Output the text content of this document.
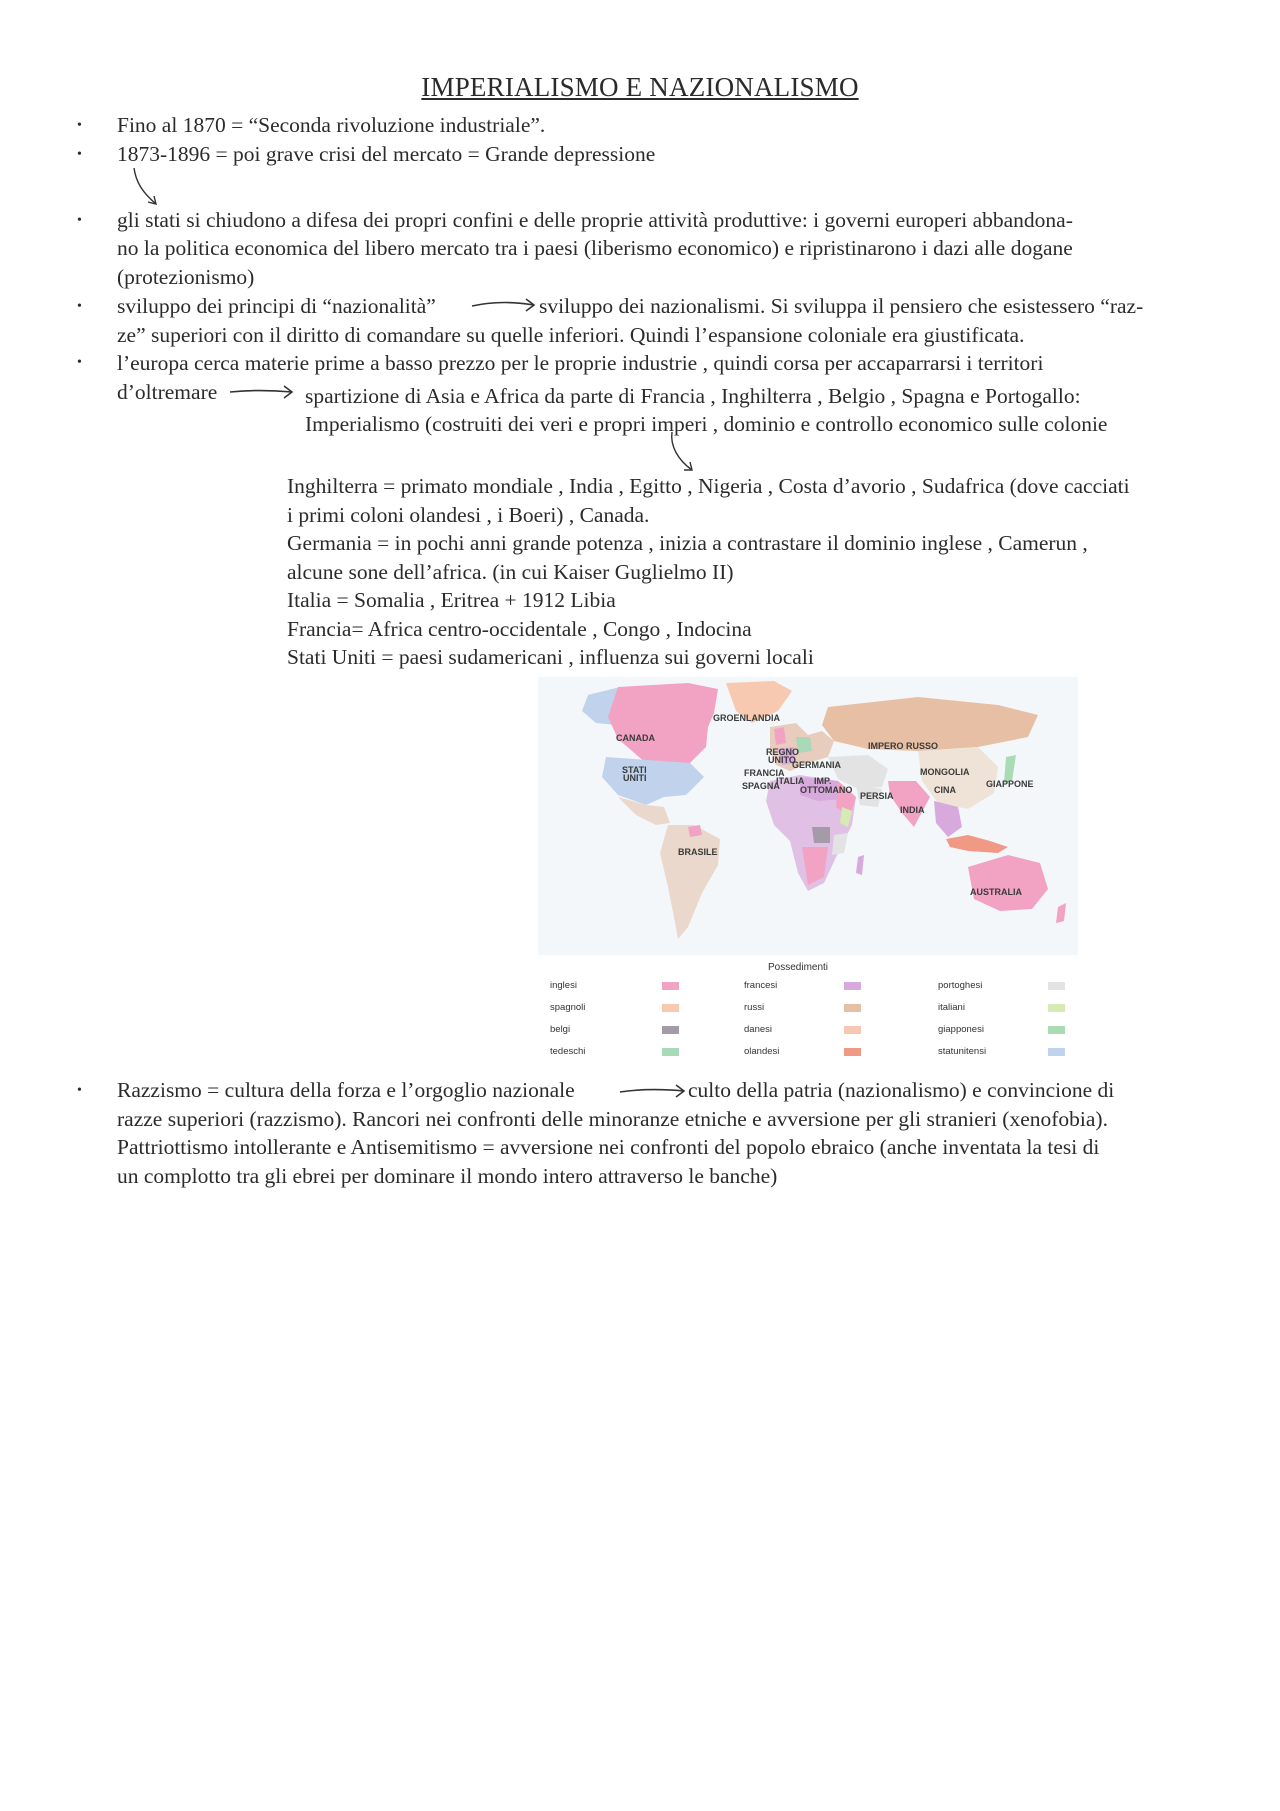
IMPERIALISMO E NAZIONALISMO
•
•
•
•
•
•
Fino al 1870 = “Seconda rivoluzione industriale”.
1873-1896 = poi grave crisi del mercato = Grande depressione
gli stati si chiudono a difesa dei propri confini e delle proprie attività produttive: i governi europeri abbandona-
no la politica economica del libero mercato tra i paesi (liberismo economico) e ripristinarono i dazi alle dogane
(protezionismo)
sviluppo dei principi di “nazionalità”	sviluppo dei nazionalismi. Si sviluppa il pensiero che esistessero “raz-
ze” superiori con il diritto di comandare su quelle inferiori. Quindi l’espansione coloniale era giustificata.
l’europa cerca materie prime a basso prezzo per le proprie industrie , quindi corsa per accaparrarsi i territori
d’oltremare	spartizione di Asia e Africa da parte di Francia , Inghilterra , Belgio , Spagna e Portogallo:
Imperialismo (costruiti dei veri e propri imperi , dominio e controllo economico sulle colonie
Inghilterra = primato mondiale , India , Egitto , Nigeria , Costa d’avorio , Sudafrica (dove cacciati
i primi coloni olandesi , i Boeri) , Canada.
Germania = in pochi anni grande potenza , inizia a contrastare il dominio inglese , Camerun ,
alcune sone dell’africa. (in cui Kaiser Guglielmo II)
Italia = Somalia , Eritrea + 1912 Libia
Francia= Africa centro-occidentale , Congo , Indocina
Stati Uniti = paesi sudamericani , influenza sui governi locali
GROENLANDIA
CANADA
REGNO
UNITO
GERMANIA
IMPERO RUSSO
STATI
UNITI	FRANCIA
SPAGNA
ITALIA IMP.
OTTOMANO
PERSIA
MONGOLIA
CINA
GIAPPONE
INDIA
BRASILE
AUSTRALIA
Possedimenti
inglesi
spagnoli
belgi
tedeschi
francesi
russi
danesi
olandesi
portoghesi
italiani
giapponesi
statunitensi
Razzismo = cultura della forza e l’orgoglio nazionale	culto della patria (nazionalismo) e convincione di
razze superiori (razzismo). Rancori nei confronti delle minoranze etniche e avversione per gli stranieri (xenofobia).
Pattriottismo intollerante e Antisemitismo = avversione nei confronti del popolo ebraico (anche inventata la tesi di
un complotto tra gli ebrei per dominare il mondo intero attraverso le banche)
